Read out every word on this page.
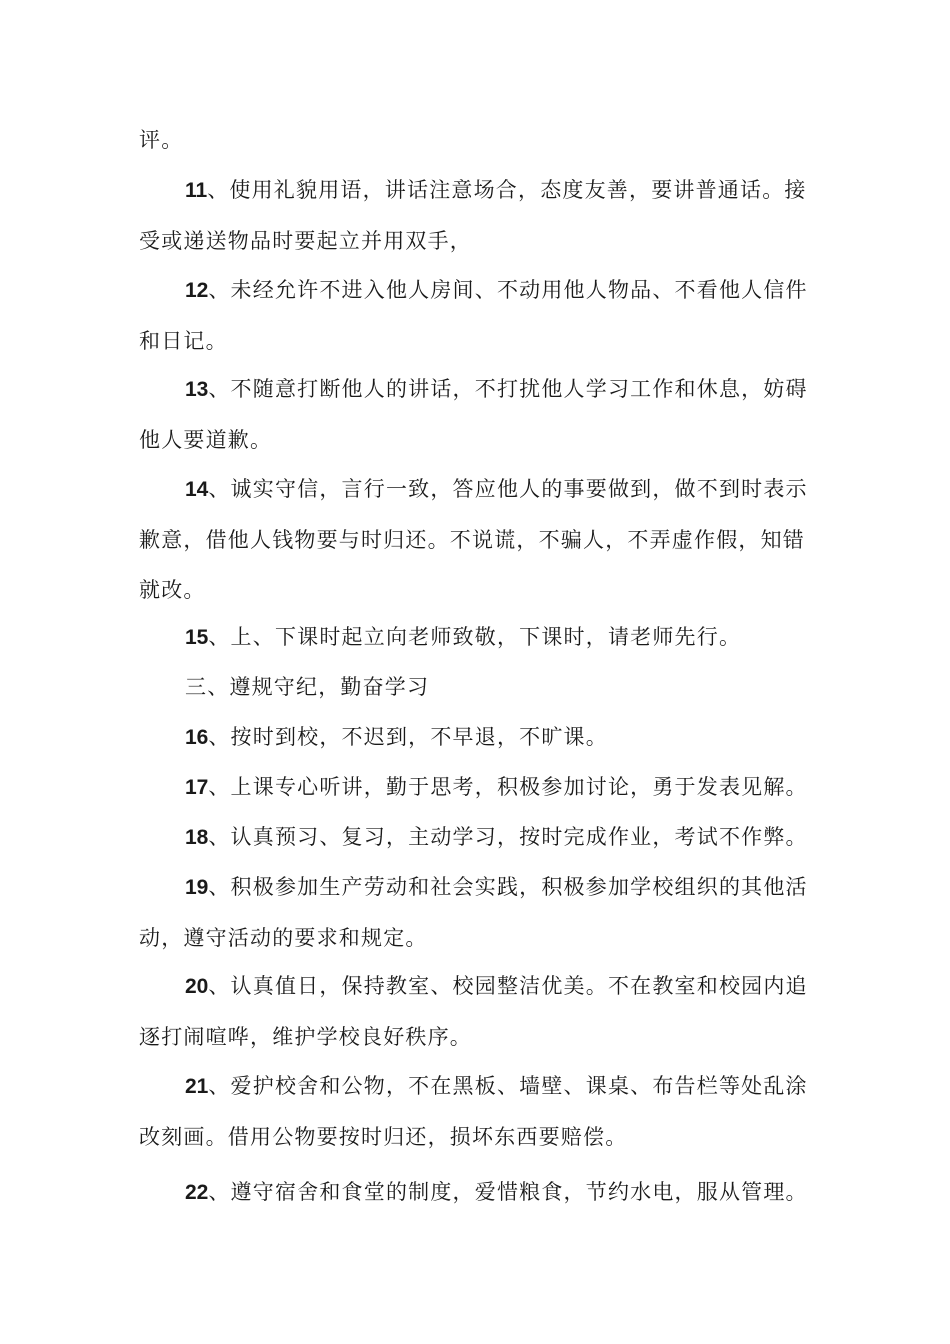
评。

11、使用礼貌用语，讲话注意场合，态度友善，要讲普通话。接受或递送物品时要起立并用双手，

12、未经允许不进入他人房间、不动用他人物品、不看他人信件和日记。

13、不随意打断他人的讲话，不打扰他人学习工作和休息，妨碍他人要道歉。

14、诚实守信，言行一致，答应他人的事要做到，做不到时表示歉意，借他人钱物要与时归还。不说谎，不骗人，不弄虚作假，知错就改。

15、上、下课时起立向老师致敬，下课时，请老师先行。

三、遵规守纪，勤奋学习

16、按时到校，不迟到，不早退，不旷课。

17、上课专心听讲，勤于思考，积极参加讨论，勇于发表见解。

18、认真预习、复习，主动学习，按时完成作业，考试不作弊。

19、积极参加生产劳动和社会实践，积极参加学校组织的其他活动，遵守活动的要求和规定。

20、认真值日，保持教室、校园整洁优美。不在教室和校园内追逐打闹喧哗，维护学校良好秩序。

21、爱护校舍和公物，不在黑板、墙壁、课桌、布告栏等处乱涂改刻画。借用公物要按时归还，损坏东西要赔偿。

22、遵守宿舍和食堂的制度，爱惜粮食，节约水电，服从管理。
